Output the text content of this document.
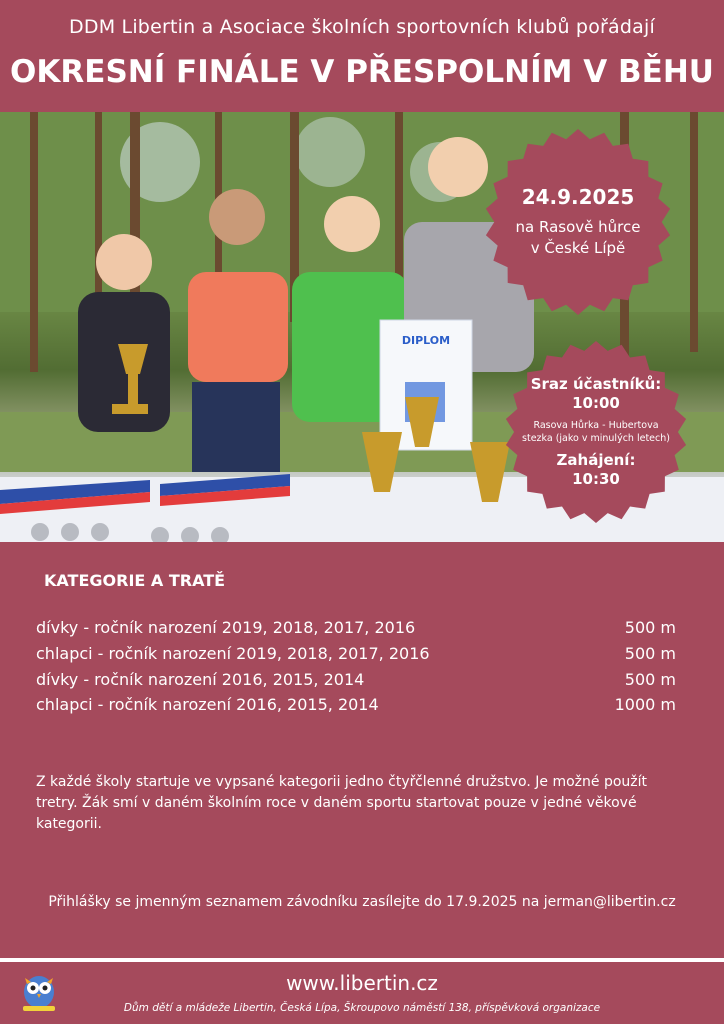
DDM Libertin a Asociace školních sportovních klubů pořádají
OKRESNÍ FINÁLE V PŘESPOLNÍM V BĚHU
DIPLOM
24.9.2025
na Rasově hůrce
v České Lípě
Sraz účastníků:
10:00
Rasova Hůrka - Hubertova
stezka (jako v minulých letech)
Zahájení:
10:30
KATEGORIE A TRATĚ
dívky - ročník narození 2019, 2018, 2017, 2016	500 m
chlapci - ročník narození 2019, 2018, 2017, 2016	500 m
dívky - ročník narození 2016, 2015, 2014	500 m
chlapci - ročník narození 2016, 2015, 2014	1000 m
Z každé školy startuje ve vypsané kategorii jedno čtyřčlenné družstvo. Je možné použít tretry. Žák smí v daném školním roce v daném sportu startovat pouze v jedné věkové kategorii.
Přihlášky se jmenným seznamem závodníku zasílejte do 17.9.2025 na jerman@libertin.cz
www.libertin.cz
Dům dětí a mládeže Libertin, Česká Lípa, Škroupovo náměstí 138, příspěvková organizace
